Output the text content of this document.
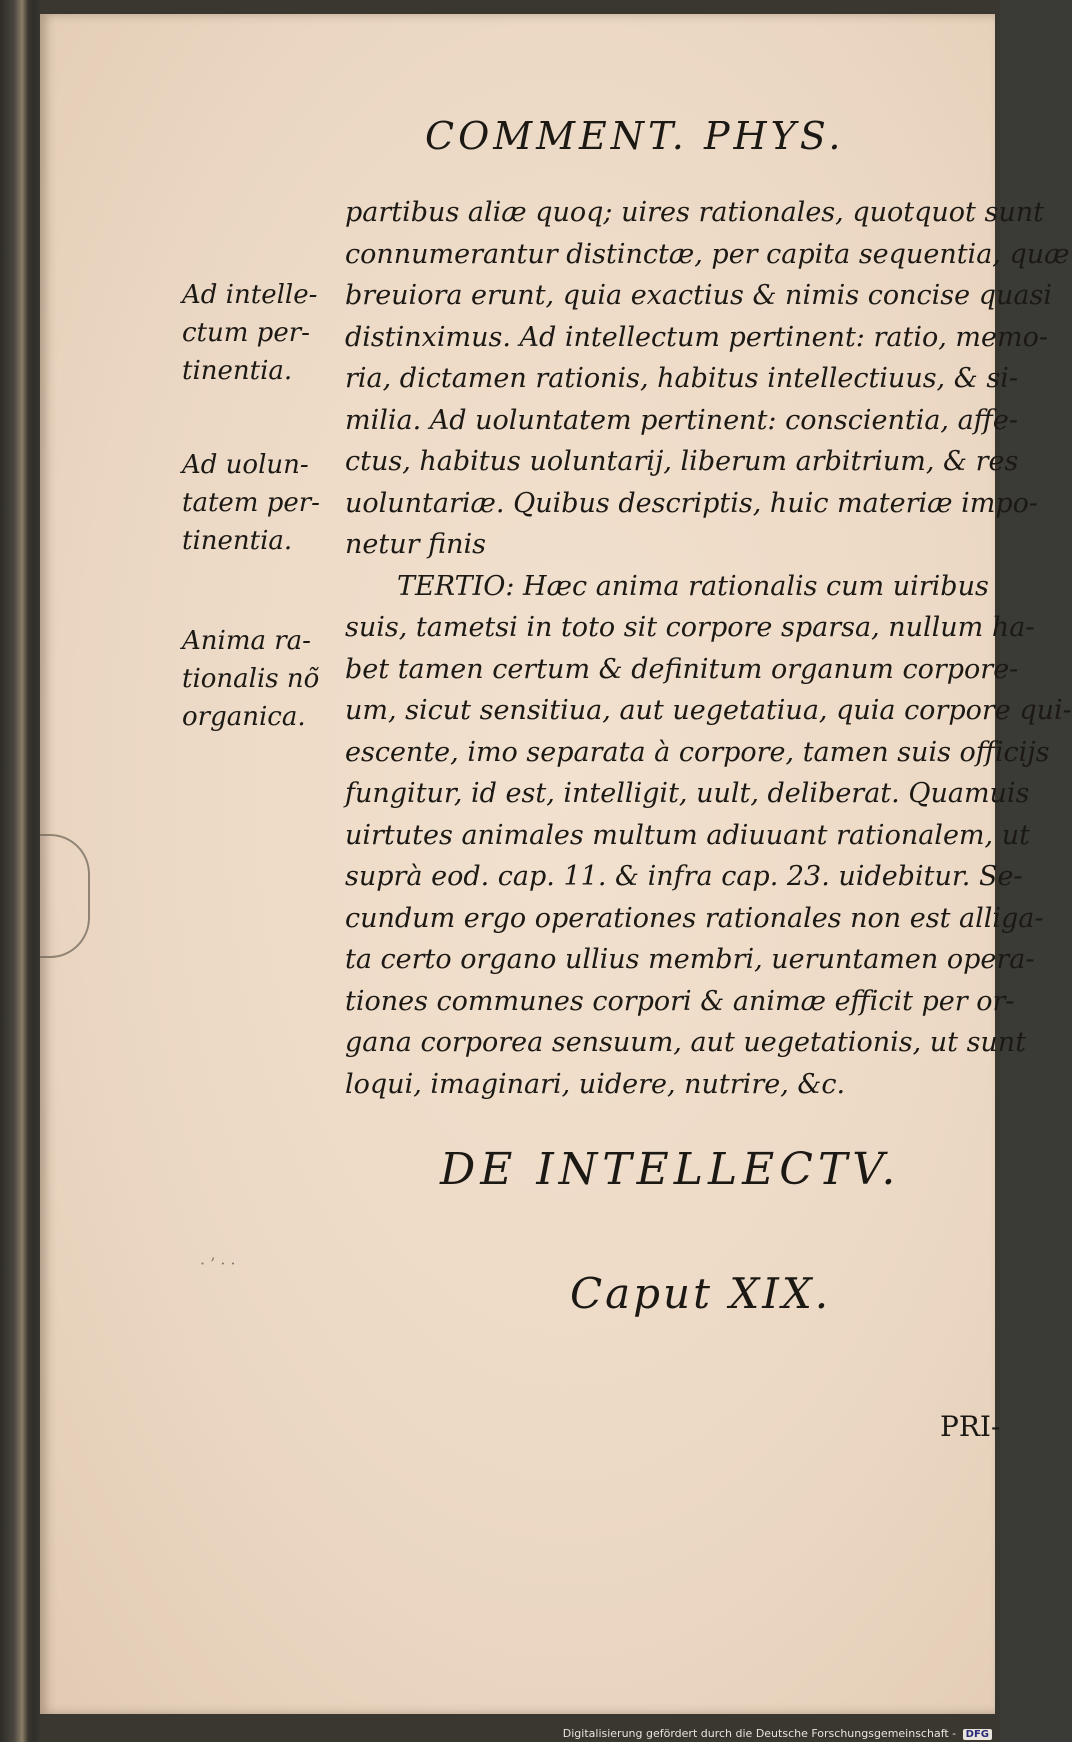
COMMENT. PHYS.
Ad intelle-
ctum per-
tinentia.
Ad uolun-
tatem per-
tinentia.
Anima ra-
tionalis nõ
organica.
partibus aliæ quoq; uires rationales, quotquot sunt
connumerantur distinctæ, per capita sequentia, quæ
breuiora erunt, quia exactius & nimis concise quasi
distinximus. Ad intellectum pertinent: ratio, memo-
ria, dictamen rationis, habitus intellectiuus, & si-
milia. Ad uoluntatem pertinent: conscientia, affe-
ctus, habitus uoluntarij, liberum arbitrium, & res
uoluntariæ. Quibus descriptis, huic materiæ impo-
netur finis
TERTIO: Hæc anima rationalis cum uiribus
suis, tametsi in toto sit corpore sparsa, nullum ha-
bet tamen certum & definitum organum corpore-
um, sicut sensitiua, aut uegetatiua, quia corpore qui-
escente, imo separata à corpore, tamen suis officijs
fungitur, id est, intelligit, uult, deliberat. Quamuis
uirtutes animales multum adiuuant rationalem, ut
suprà eod. cap. 11. & infra cap. 23. uidebitur. Se-
cundum ergo operationes rationales non est alliga-
ta certo organo ullius membri, ueruntamen opera-
tiones communes corpori & animæ efficit per or-
gana corporea sensuum, aut uegetationis, ut sunt
loqui, imaginari, uidere, nutrire, &c.
· ’ · ·
DE INTELLECTV.
Caput XIX.
PRI-
Digitalisierung gefördert durch die Deutsche Forschungsgemeinschaft - DFG
